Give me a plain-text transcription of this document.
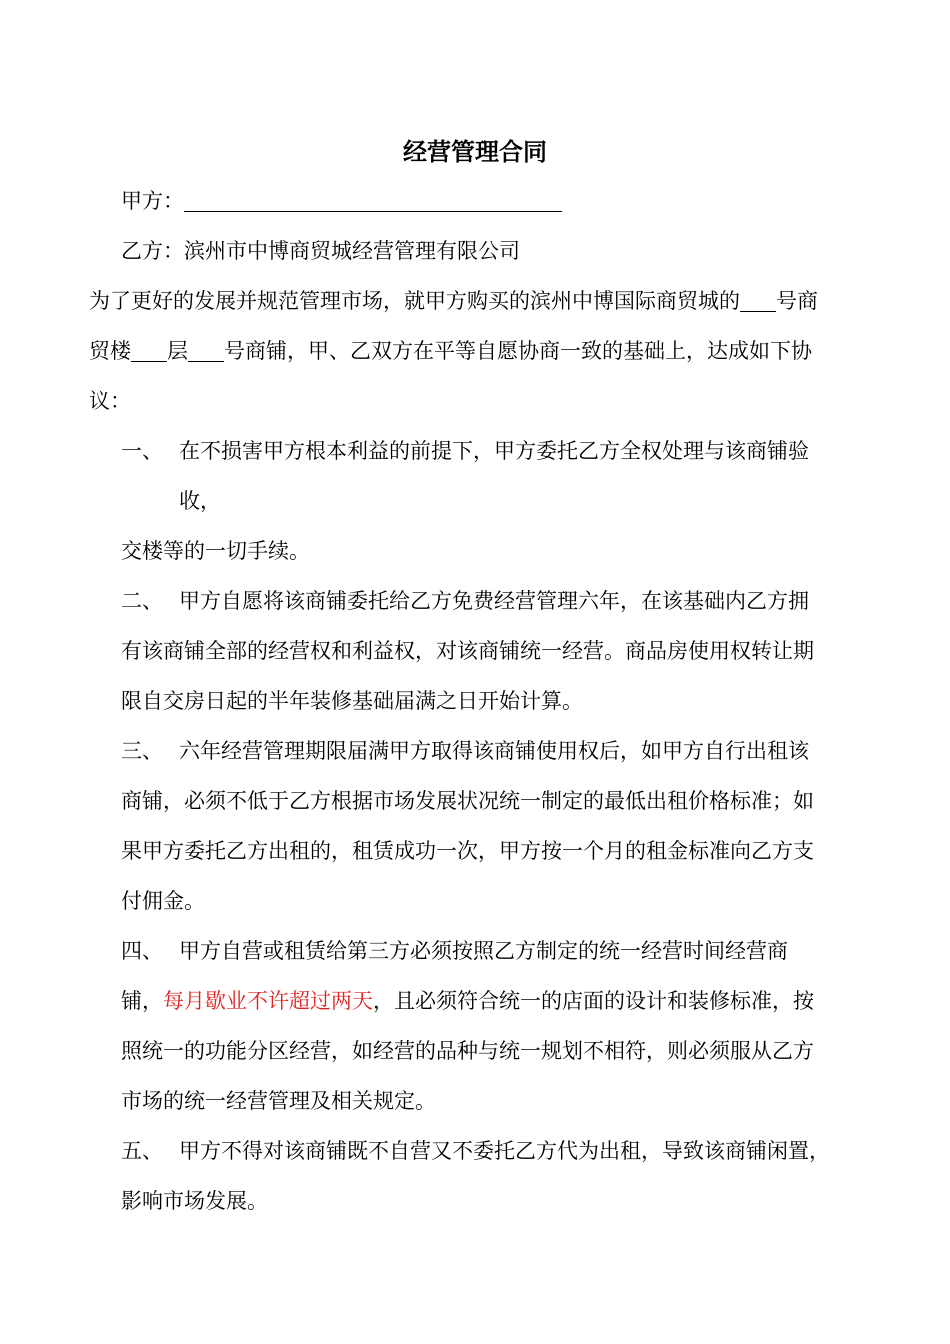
经营管理合同

甲方：

乙方：滨州市中博商贸城经营管理有限公司

为了更好的发展并规范管理市场，就甲方购买的滨州中博国际商贸城的 号商

贸楼 层 号商铺，甲、乙双方在平等自愿协商一致的基础上，达成如下协

议：

一、 在不损害甲方根本利益的前提下，甲方委托乙方全权处理与该商铺验

收，

交楼等的一切手续。

二、 甲方自愿将该商铺委托给乙方免费经营管理六年，在该基础内乙方拥

有该商铺全部的经营权和利益权，对该商铺统一经营。商品房使用权转让期

限自交房日起的半年装修基础届满之日开始计算。

三、 六年经营管理期限届满甲方取得该商铺使用权后，如甲方自行出租该

商铺，必须不低于乙方根据市场发展状况统一制定的最低出租价格标准；如

果甲方委托乙方出租的，租赁成功一次，甲方按一个月的租金标准向乙方支

付佣金。

四、 甲方自营或租赁给第三方必须按照乙方制定的统一经营时间经营商

铺，每月歇业不许超过两天，且必须符合统一的店面的设计和装修标准，按

照统一的功能分区经营，如经营的品种与统一规划不相符，则必须服从乙方

市场的统一经营管理及相关规定。

五、 甲方不得对该商铺既不自营又不委托乙方代为出租，导致该商铺闲置，

影响市场发展。
